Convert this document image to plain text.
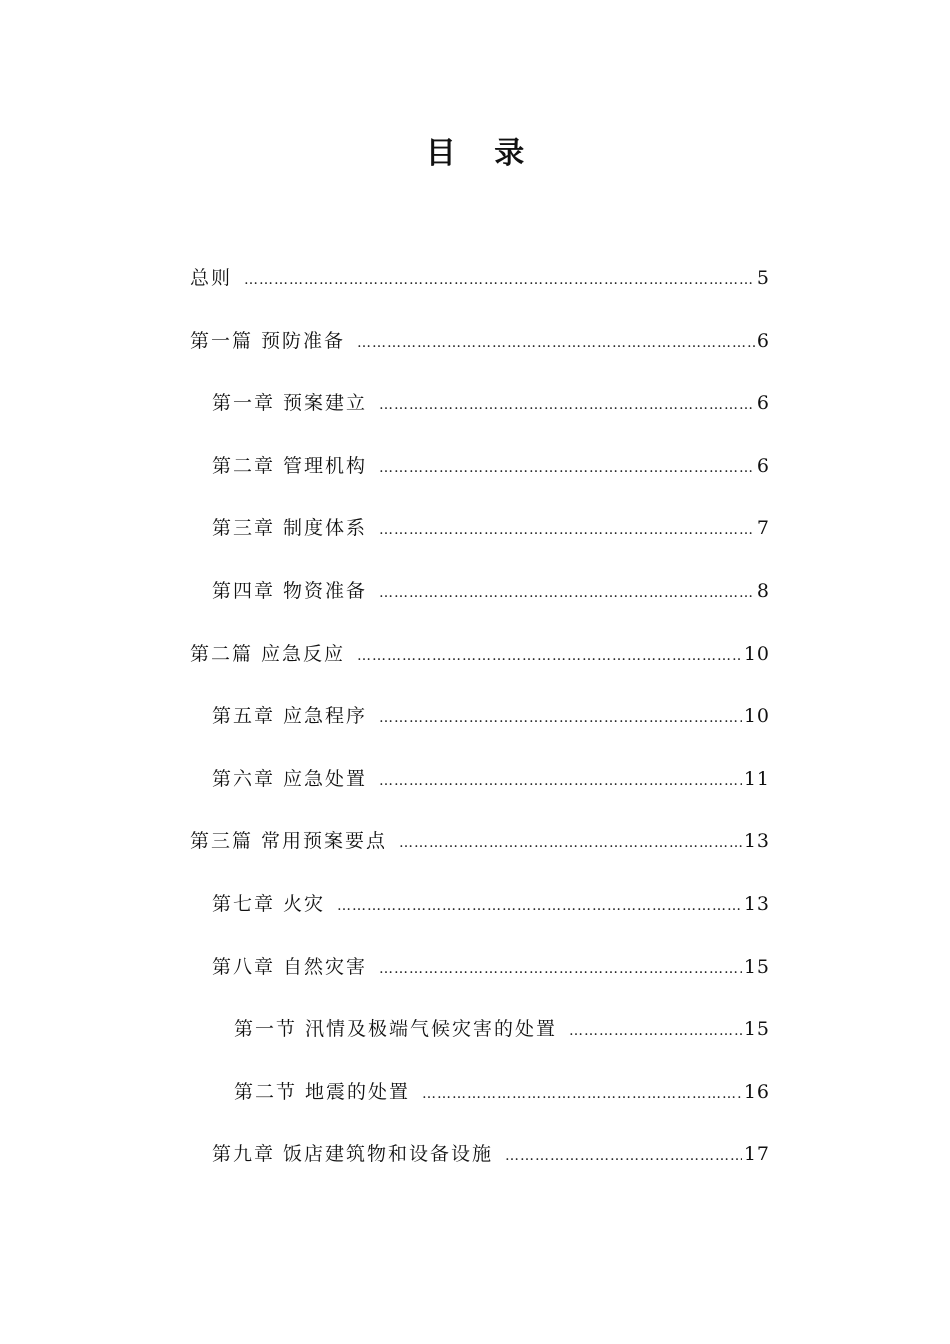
目 录
总则 ……………………………………………………………………………………………………………………………………………	5
第一篇 预防准备 ……………………………………………………………………………………………………………………………………………	6
第一章 预案建立 ……………………………………………………………………………………………………………………………………………	6
第二章 管理机构 ……………………………………………………………………………………………………………………………………………	6
第三章 制度体系 ……………………………………………………………………………………………………………………………………………	7
第四章 物资准备 ……………………………………………………………………………………………………………………………………………	8
第二篇 应急反应 ……………………………………………………………………………………………………………………………………………	10
第五章 应急程序 ……………………………………………………………………………………………………………………………………………	10
第六章 应急处置 ……………………………………………………………………………………………………………………………………………	11
第三篇 常用预案要点 ……………………………………………………………………………………………………………………………………………	13
第七章 火灾 ……………………………………………………………………………………………………………………………………………	13
第八章 自然灾害 ……………………………………………………………………………………………………………………………………………	15
第一节 汛情及极端气候灾害的处置 ……………………………………………………………………………………………………………………………………………	15
第二节 地震的处置 ……………………………………………………………………………………………………………………………………………	16
第九章 饭店建筑物和设备设施 ……………………………………………………………………………………………………………………………………………	17
